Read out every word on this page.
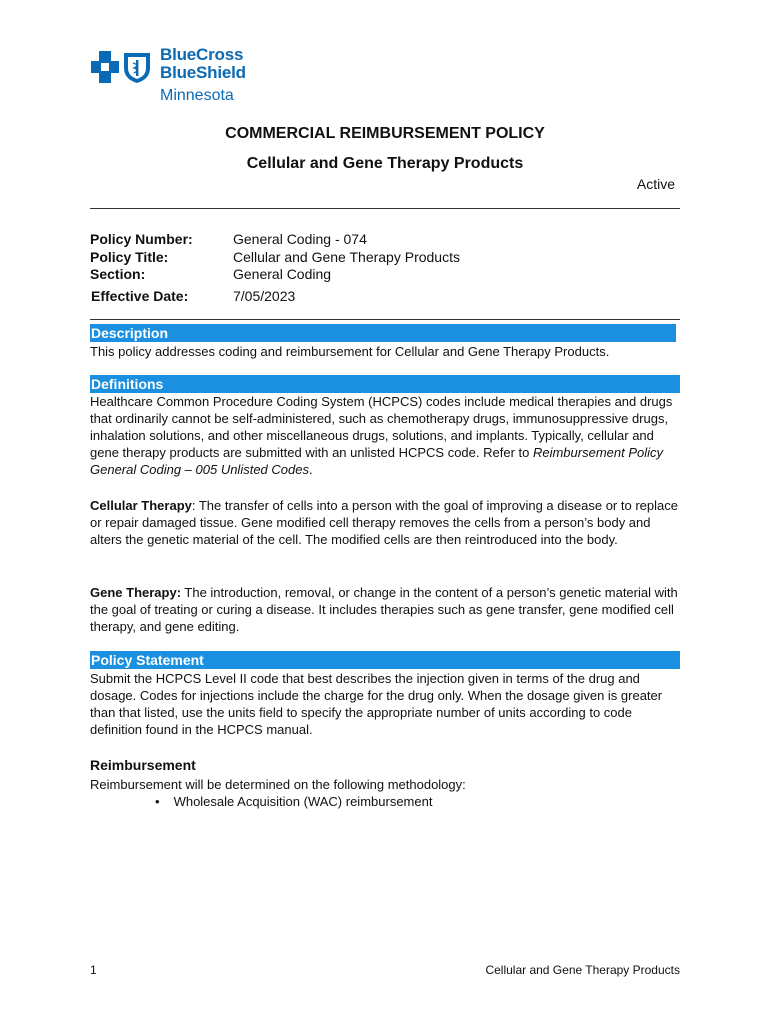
BlueCross
BlueShield
Minnesota
COMMERCIAL REIMBURSEMENT POLICY
Cellular and Gene Therapy Products
Active
Policy Number:	General Coding - 074
Policy Title:	Cellular and Gene Therapy Products
Section:	General Coding
Effective Date:	7/05/2023
Description
This policy addresses coding and reimbursement for Cellular and Gene Therapy Products.
Definitions
Healthcare Common Procedure Coding System (HCPCS) codes include medical therapies and drugs that ordinarily cannot be self-administered, such as chemotherapy drugs, immunosuppressive drugs, inhalation solutions, and other miscellaneous drugs, solutions, and implants. Typically, cellular and gene therapy products are submitted with an unlisted HCPCS code. Refer to Reimbursement Policy General Coding – 005 Unlisted Codes.
Cellular Therapy: The transfer of cells into a person with the goal of improving a disease or to replace or repair damaged tissue. Gene modified cell therapy removes the cells from a person’s body and alters the genetic material of the cell. The modified cells are then reintroduced into the body.
Gene Therapy: The introduction, removal, or change in the content of a person’s genetic material with the goal of treating or curing a disease. It includes therapies such as gene transfer, gene modified cell therapy, and gene editing.
Policy Statement
Submit the HCPCS Level II code that best describes the injection given in terms of the drug and dosage. Codes for injections include the charge for the drug only. When the dosage given is greater than that listed, use the units field to specify the appropriate number of units according to code definition found in the HCPCS manual.
Reimbursement
Reimbursement will be determined on the following methodology:
• Wholesale Acquisition (WAC) reimbursement
1	Cellular and Gene Therapy Products
